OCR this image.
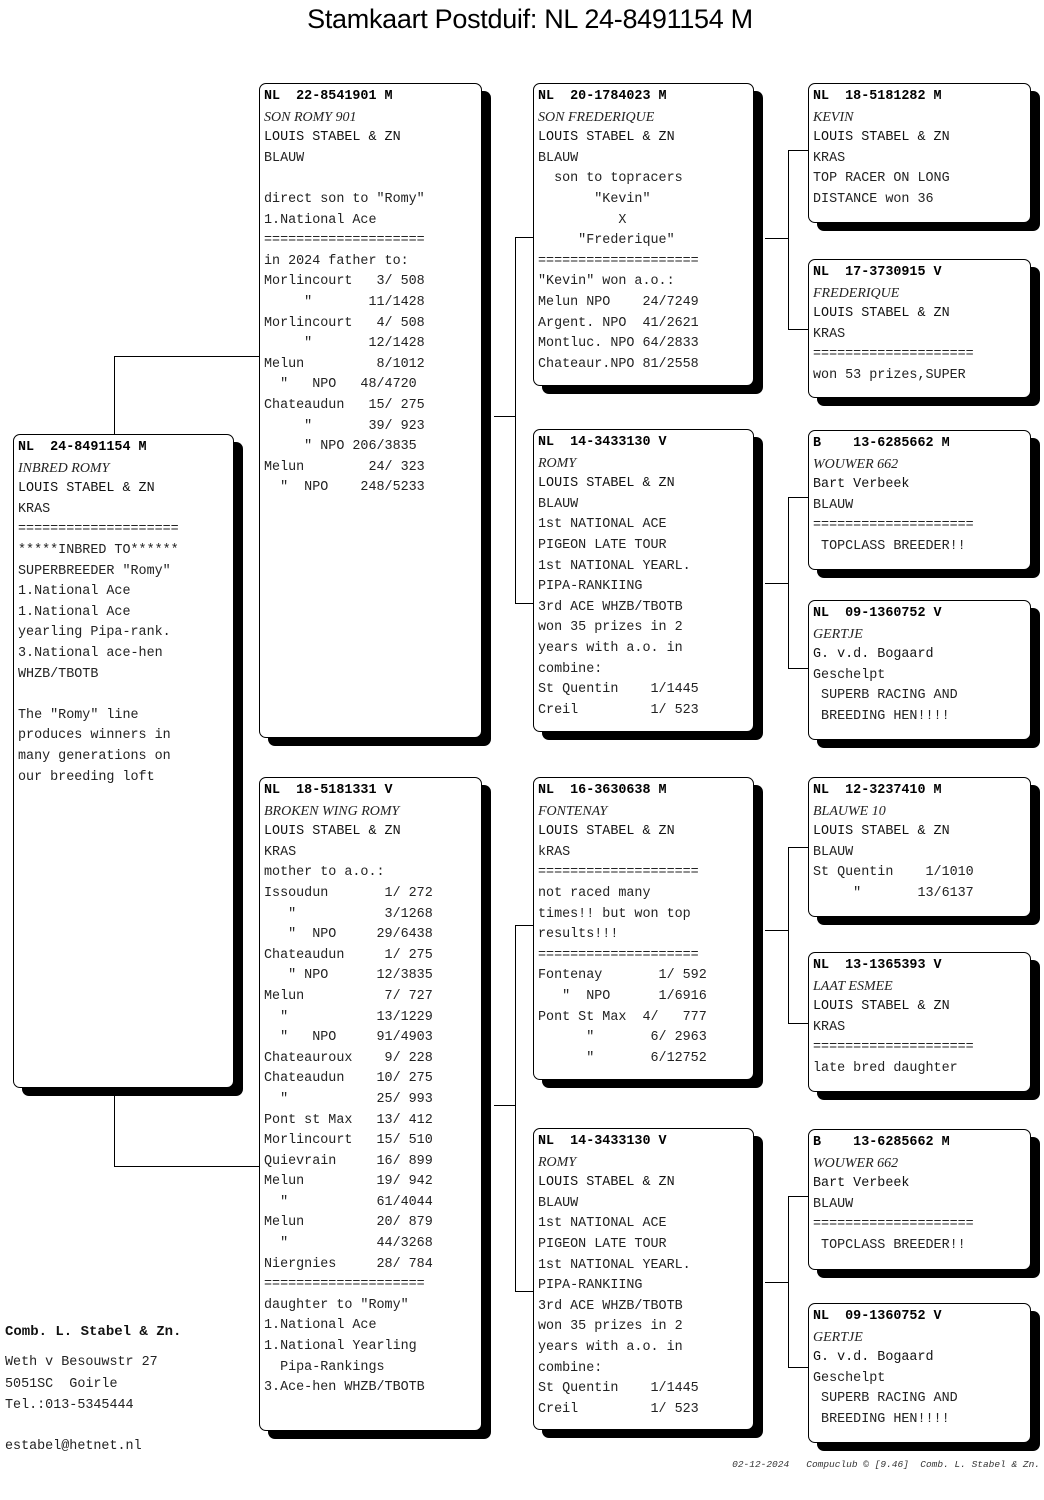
Stamkaart Postduif: NL 24-8491154 M
NL  24-8491154 M
INBRED ROMY
LOUIS STABEL & ZN
KRAS
====================
*****INBRED TO******
SUPERBREEDER "Romy"
1.National Ace
1.National Ace
yearling Pipa-rank.
3.National ace-hen
WHZB/TBOTB

The "Romy" line
produces winners in
many generations on
our breeding loft
NL  22-8541901 M
SON ROMY 901
LOUIS STABEL & ZN
BLAUW

direct son to "Romy"
1.National Ace
====================
in 2024 father to:
Morlincourt   3/ 508
"       11/1428
Morlincourt   4/ 508
"       12/1428
Melun         8/1012
"   NPO   48/4720
Chateaudun   15/ 275
"       39/ 923
" NPO 206/3835
Melun        24/ 323
"  NPO    248/5233
NL  18-5181331 V
BROKEN WING ROMY
LOUIS STABEL & ZN
KRAS
mother to a.o.:
Issoudun       1/ 272
"           3/1268
"  NPO     29/6438
Chateaudun     1/ 275
" NPO      12/3835
Melun          7/ 727
"           13/1229
"   NPO     91/4903
Chateauroux    9/ 228
Chateaudun    10/ 275
"           25/ 993
Pont st Max   13/ 412
Morlincourt   15/ 510
Quievrain     16/ 899
Melun         19/ 942
"           61/4044
Melun         20/ 879
"           44/3268
Niergnies     28/ 784
====================
daughter to "Romy"
1.National Ace
1.National Yearling
Pipa-Rankings
3.Ace-hen WHZB/TBOTB
NL  20-1784023 M
SON FREDERIQUE
LOUIS STABEL & ZN
BLAUW
son to topracers
"Kevin"
X
"Frederique"
====================
"Kevin" won a.o.:
Melun NPO    24/7249
Argent. NPO  41/2621
Montluc. NPO 64/2833
Chateaur.NPO 81/2558
NL  14-3433130 V
ROMY
LOUIS STABEL & ZN
BLAUW
1st NATIONAL ACE
PIGEON LATE TOUR
1st NATIONAL YEARL.
PIPA-RANKIING
3rd ACE WHZB/TBOTB
won 35 prizes in 2
years with a.o. in
combine:
St Quentin    1/1445
Creil         1/ 523
NL  16-3630638 M
FONTENAY
LOUIS STABEL & ZN
kRAS
====================
not raced many
times!! but won top
results!!!
====================
Fontenay       1/ 592
"  NPO      1/6916
Pont St Max  4/   777
"       6/ 2963
"       6/12752
NL  14-3433130 V
ROMY
LOUIS STABEL & ZN
BLAUW
1st NATIONAL ACE
PIGEON LATE TOUR
1st NATIONAL YEARL.
PIPA-RANKIING
3rd ACE WHZB/TBOTB
won 35 prizes in 2
years with a.o. in
combine:
St Quentin    1/1445
Creil         1/ 523
NL  18-5181282 M
KEVIN
LOUIS STABEL & ZN
KRAS
TOP RACER ON LONG
DISTANCE won 36
NL  17-3730915 V
FREDERIQUE
LOUIS STABEL & ZN
KRAS
====================
won 53 prizes,SUPER
B    13-6285662 M
WOUWER 662
Bart Verbeek
BLAUW
====================
TOPCLASS BREEDER!!
NL  09-1360752 V
GERTJE
G. v.d. Bogaard
Geschelpt
SUPERB RACING AND
BREEDING HEN!!!!
NL  12-3237410 M
BLAUWE 10
LOUIS STABEL & ZN
BLAUW
St Quentin    1/1010
"       13/6137
NL  13-1365393 V
LAAT ESMEE
LOUIS STABEL & ZN
KRAS
====================
late bred daughter
B    13-6285662 M
WOUWER 662
Bart Verbeek
BLAUW
====================
TOPCLASS BREEDER!!
NL  09-1360752 V
GERTJE
G. v.d. Bogaard
Geschelpt
SUPERB RACING AND
BREEDING HEN!!!!
Comb. L. Stabel & Zn.
Weth v Besouwstr 27
5051SC  Goirle
Tel.:013-5345444
estabel@hetnet.nl
02-12-2024   Compuclub © [9.46]  Comb. L. Stabel & Zn.
